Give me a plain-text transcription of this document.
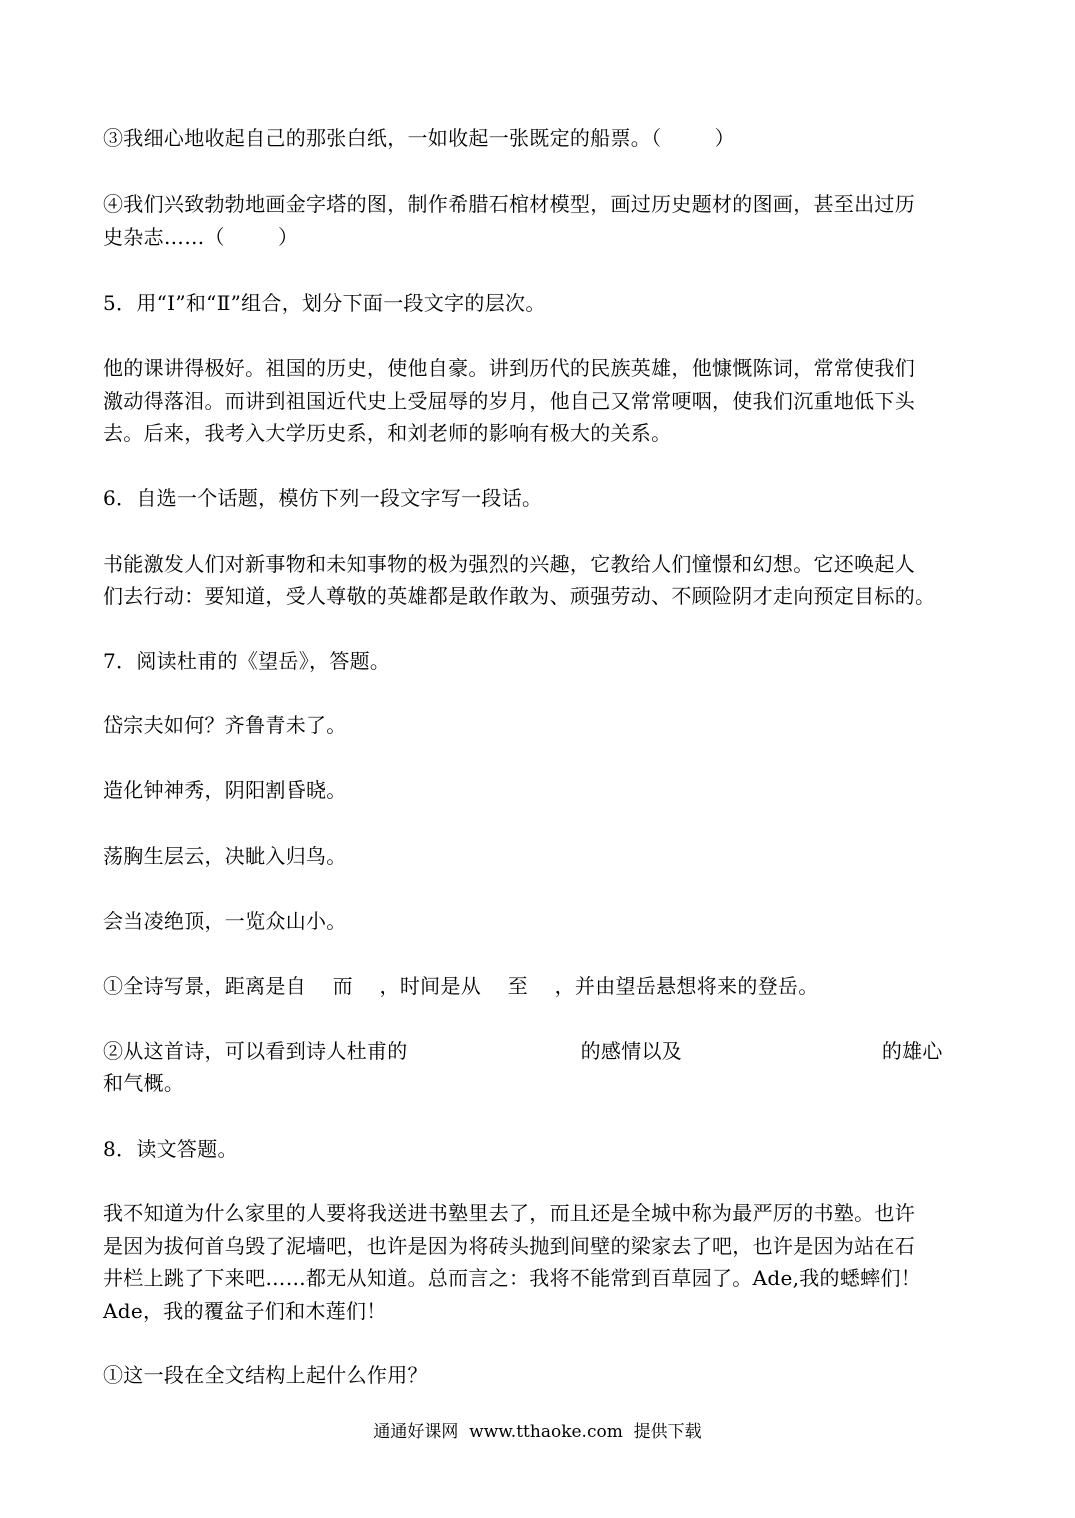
③我细心地收起自己的那张白纸，一如收起一张既定的船票。（        ）
④我们兴致勃勃地画金字塔的图，制作希腊石棺材模型，画过历史题材的图画，甚至出过历
史杂志……（        ）
5．用“Ⅰ”和“Ⅱ”组合，划分下面一段文字的层次。
他的课讲得极好。祖国的历史，使他自豪。讲到历代的民族英雄，他慷慨陈词，常常使我们
激动得落泪。而讲到祖国近代史上受屈辱的岁月，他自己又常常哽咽，使我们沉重地低下头
去。后来，我考入大学历史系，和刘老师的影响有极大的关系。
6．自选一个话题，模仿下列一段文字写一段话。
书能激发人们对新事物和未知事物的极为强烈的兴趣，它教给人们憧憬和幻想。它还唤起人
们去行动：要知道，受人尊敬的英雄都是敢作敢为、顽强劳动、不顾险阴才走向预定目标的。
7．阅读杜甫的《望岳》，答题。
岱宗夫如何？齐鲁青未了。
造化钟神秀，阴阳割昏晓。
荡胸生层云，决眦入归鸟。
会当凌绝顶，一览众山小。
①全诗写景，距离是自    而    ，时间是从    至    ，并由望岳悬想将来的登岳。
②从这首诗，可以看到诗人杜甫的                          的感情以及                              的雄心
和气概。
8．读文答题。
我不知道为什么家里的人要将我送进书塾里去了，而且还是全城中称为最严厉的书塾。也许
是因为拔何首乌毁了泥墙吧，也许是因为将砖头抛到间壁的梁家去了吧，也许是因为站在石
井栏上跳了下来吧……都无从知道。总而言之：我将不能常到百草园了。Ade,我的蟋蟀们！
Ade，我的覆盆子们和木莲们！
①这一段在全文结构上起什么作用？
通通好课网  www.tthaoke.com  提供下载
